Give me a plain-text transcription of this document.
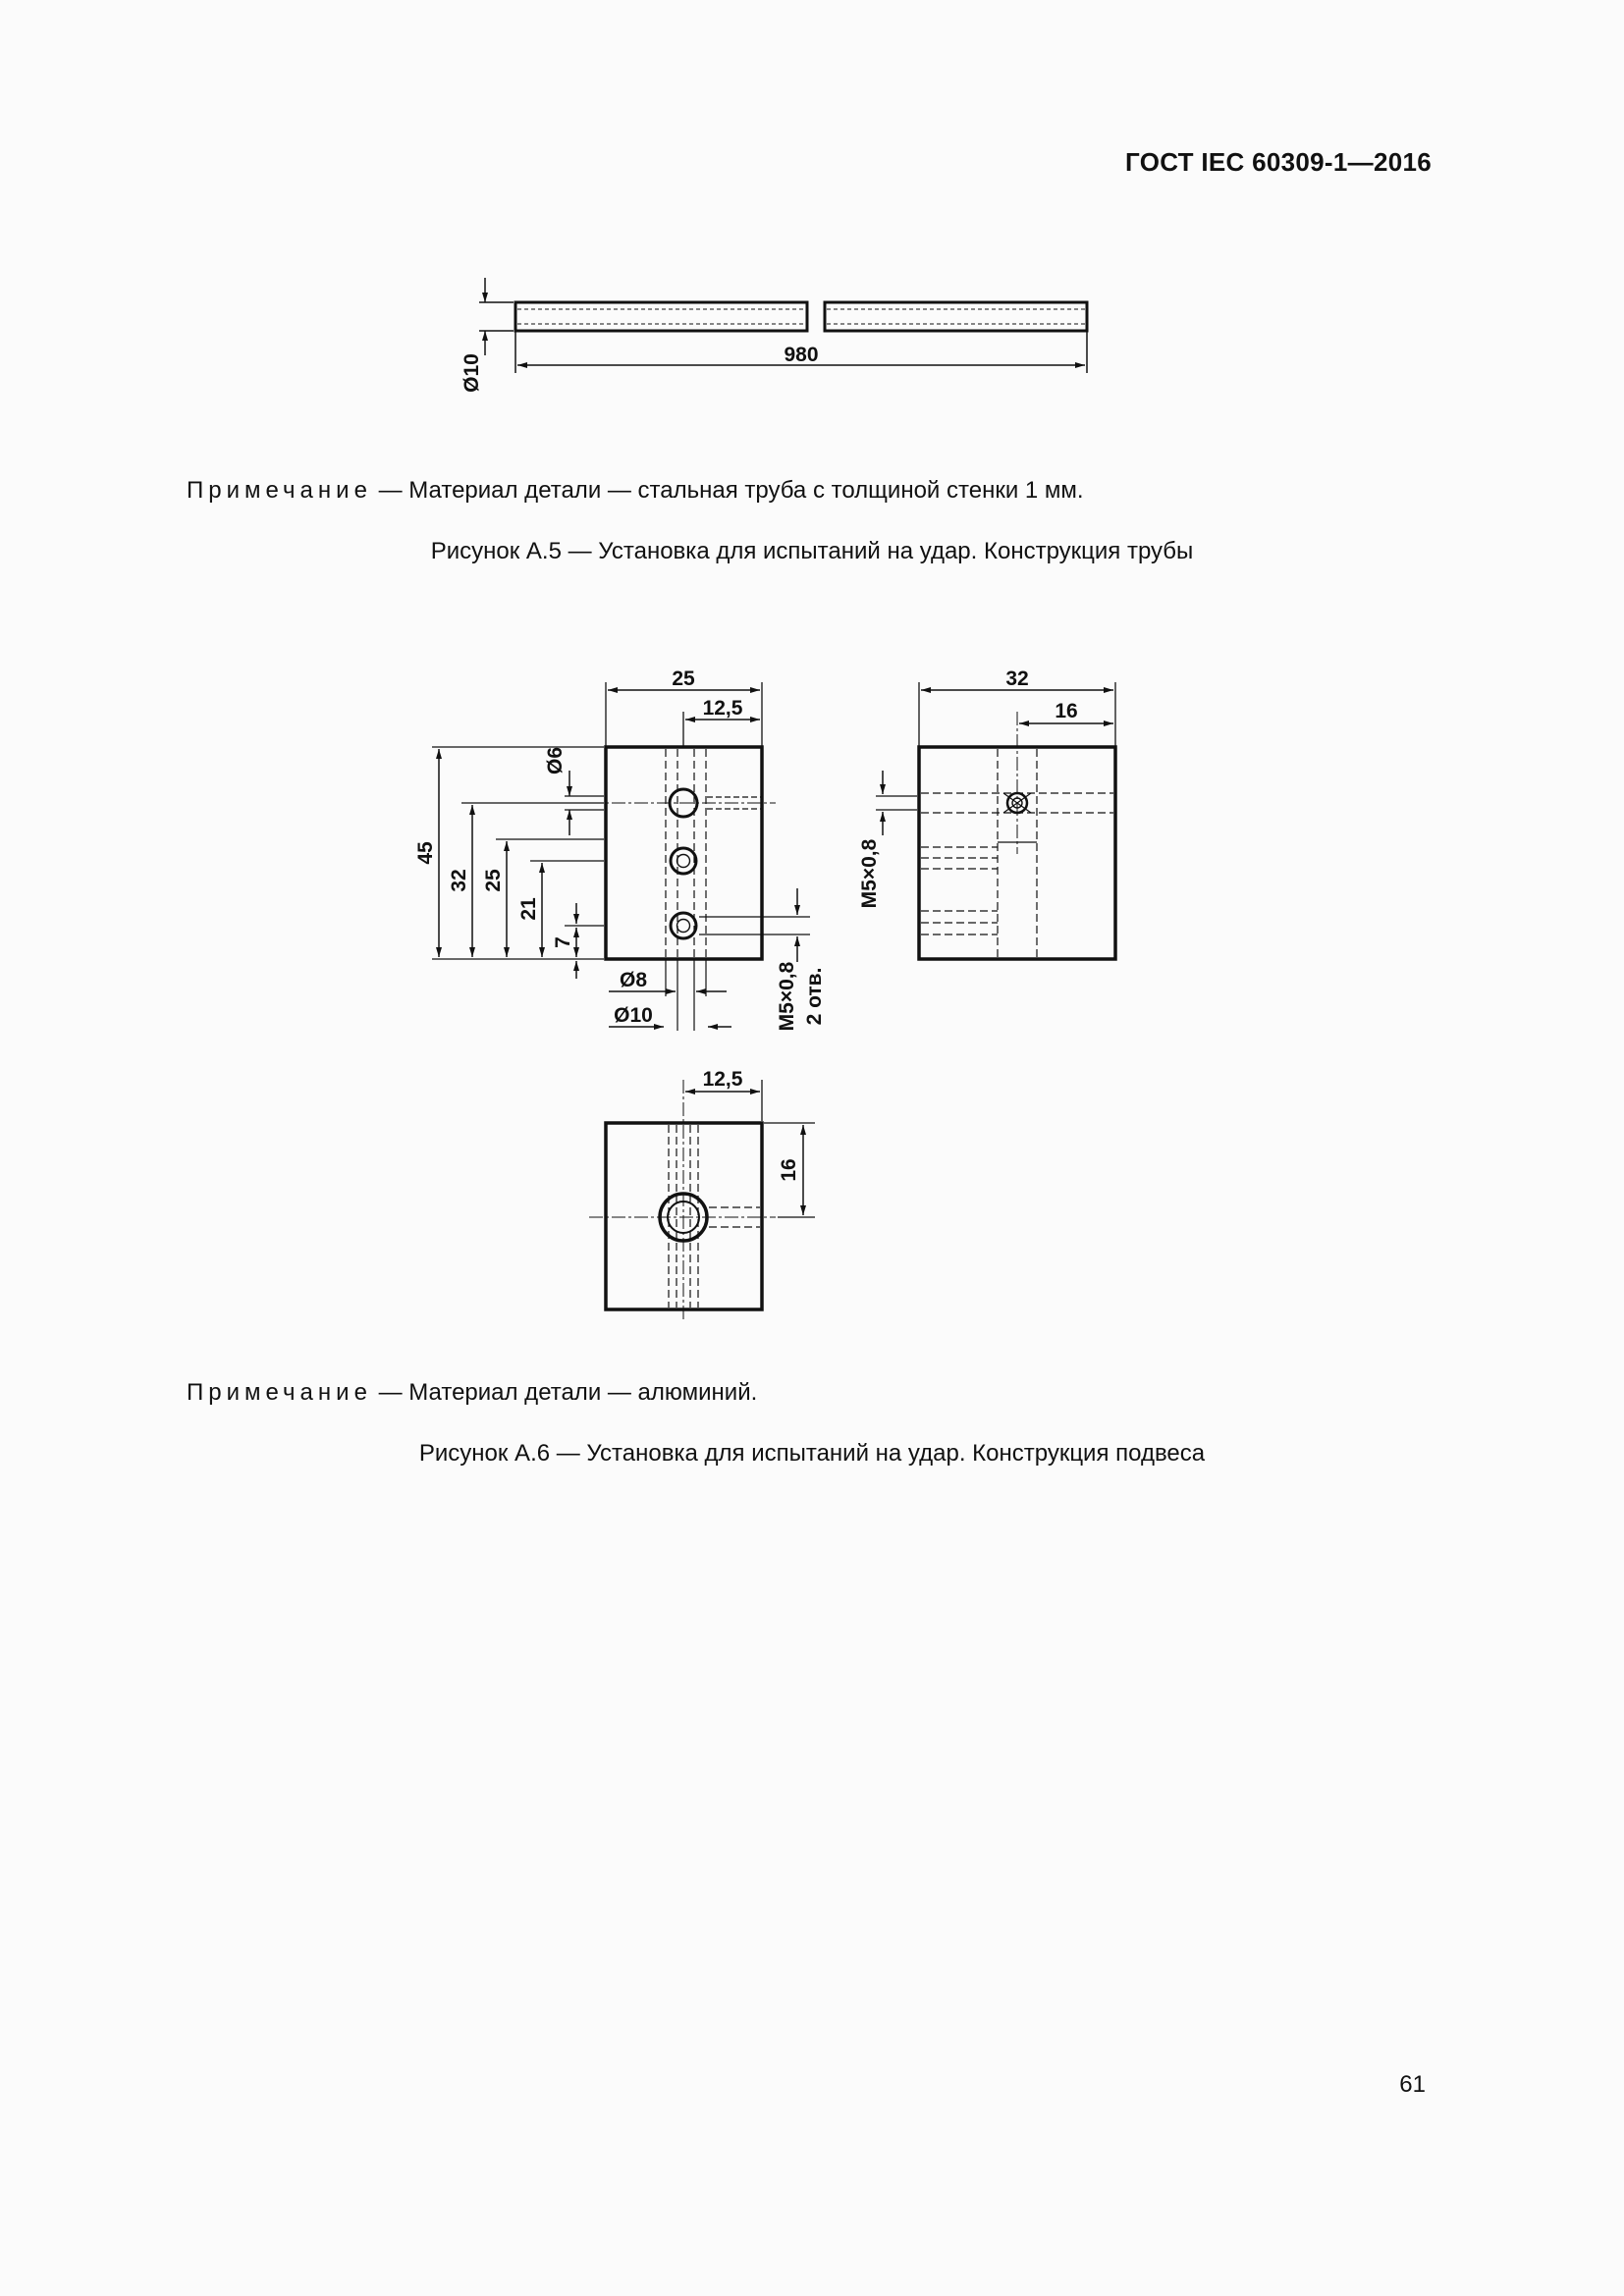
ГОСТ IEC 60309-1—2016
980
Ø10
25
12,5
Ø6
45
32 25
21
7
Ø8
Ø10	M5×0,8 2 отв.
32
16
M5×0,8
12,5
16
Примечание — Материал детали — стальная труба с толщиной стенки 1 мм.
Рисунок А.5 — Установка для испытаний на удар. Конструкция трубы
Примечание — Материал детали — алюминий.
Рисунок А.6 — Установка для испытаний на удар. Конструкция подвеса
61
